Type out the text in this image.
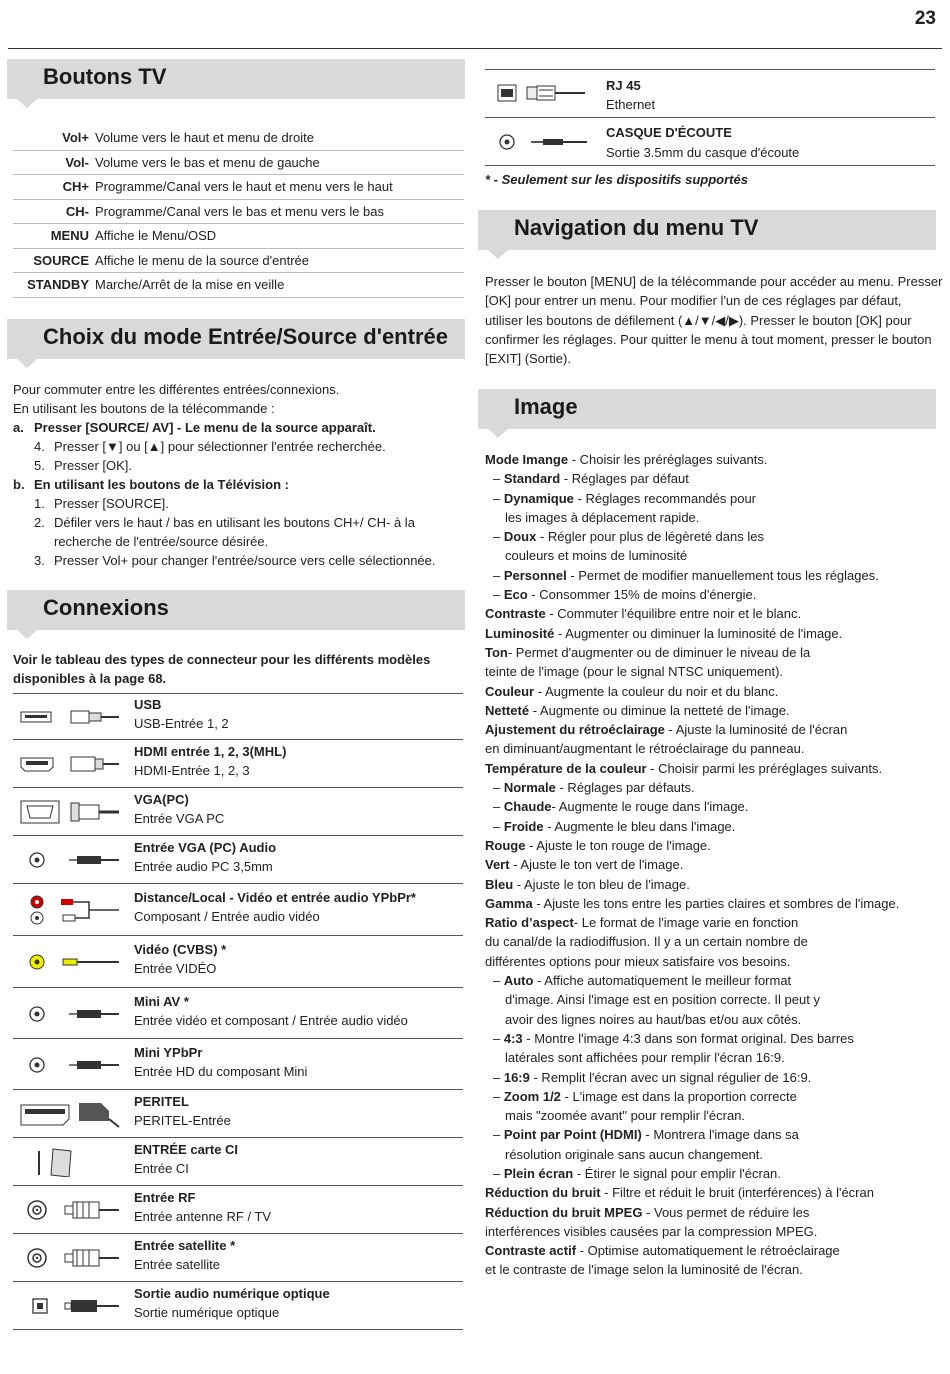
23
Boutons TV
Vol+ Volume vers le haut et menu de droite
Vol- Volume vers le bas et menu de gauche
CH+ Programme/Canal vers le haut et menu vers le haut
CH- Programme/Canal vers le bas et menu vers le bas
MENU Affiche le Menu/OSD
SOURCE Affiche le menu de la source d'entrée
STANDBY Marche/Arrêt de la mise en veille
Choix du mode Entrée/Source d'entrée
Pour commuter entre les différentes entrées/connexions.
En utilisant les boutons de la télécommande :
a. Presser [SOURCE/ AV] - Le menu de la source apparaît.
4. Presser [▼] ou [▲] pour sélectionner l'entrée recherchée.
5. Presser [OK].
b. En utilisant les boutons de la Télévision :
1. Presser [SOURCE].
2. Défiler vers le haut / bas en utilisant les boutons CH+/ CH- à la
recherche de l'entrée/source désirée.
3. Presser Vol+ pour changer l'entrée/source vers celle sélectionnée.
Connexions
Voir le tableau des types de connecteur pour les différents modèles
disponibles à la page 68.
USB
USB-Entrée 1, 2
HDMI entrée 1, 2, 3(MHL)
HDMI-Entrée 1, 2, 3
VGA(PC)
Entrée VGA PC
Entrée VGA (PC) Audio
Entrée audio PC 3,5mm
Distance/Local - Vidéo et entrée audio YPbPr*
Composant / Entrée audio vidéo
Vidéo (CVBS) *
Entrée VIDÉO
Mini AV *
Entrée vidéo et composant / Entrée audio vidéo
Mini YPbPr
Entrée HD du composant Mini
PERITEL
PERITEL-Entrée
ENTRÉE carte CI
Entrée CI
Entrée RF
Entrée antenne RF / TV
Entrée satellite *
Entrée satellite
Sortie audio numérique optique
Sortie numérique optique
RJ 45
Ethernet
CASQUE D'ÉCOUTE
Sortie 3.5mm du casque d'écoute
* - Seulement sur les dispositifs supportés
Navigation du menu TV
Presser le bouton [MENU] de la télécommande pour accéder au menu. Presser
[OK] pour entrer un menu. Pour modifier l'un de ces réglages par défaut,
utiliser les boutons de défilement (▲/▼/◀/▶). Presser le bouton [OK] pour
confirmer les réglages. Pour quitter le menu à tout moment, presser le bouton
[EXIT] (Sortie).
Image
Mode Imange - Choisir les préréglages suivants.
– Standard - Réglages par défaut
– Dynamique - Réglages recommandés pour
les images à déplacement rapide.
– Doux - Régler pour plus de légèreté dans les
couleurs et moins de luminosité
– Personnel - Permet de modifier manuellement tous les réglages.
– Eco - Consommer 15% de moins d'énergie.
Contraste - Commuter l'équilibre entre noir et le blanc.
Luminosité - Augmenter ou diminuer la luminosité de l'image.
Ton- Permet d'augmenter ou de diminuer le niveau de la
teinte de l'image (pour le signal NTSC uniquement).
Couleur - Augmente la couleur du noir et du blanc.
Netteté - Augmente ou diminue la netteté de l'image.
Ajustement du rétroéclairage - Ajuste la luminosité de l'écran
en diminuant/augmentant le rétroéclairage du panneau.
Température de la couleur - Choisir parmi les préréglages suivants.
– Normale - Réglages par défauts.
– Chaude- Augmente le rouge dans l'image.
– Froide - Augmente le bleu dans l'image.
Rouge - Ajuste le ton rouge de l'image.
Vert - Ajuste le ton vert de l'image.
Bleu - Ajuste le ton bleu de l'image.
Gamma - Ajuste les tons entre les parties claires et sombres de l'image.
Ratio d’aspect- Le format de l'image varie en fonction
du canal/de la radiodiffusion. Il y a un certain nombre de
différentes options pour mieux satisfaire vos besoins.
– Auto - Affiche automatiquement le meilleur format
d'image. Ainsi l'image est en position correcte. Il peut y
avoir des lignes noires au haut/bas et/ou aux côtés.
– 4:3 - Montre l'image 4:3 dans son format original. Des barres
latérales sont affichées pour remplir l'écran 16:9.
– 16:9 - Remplit l'écran avec un signal régulier de 16:9.
– Zoom 1/2 - L'image est dans la proportion correcte
mais "zoomée avant" pour remplir l'écran.
– Point par Point (HDMI) - Montrera l'image dans sa
résolution originale sans aucun changement.
– Plein écran - Étirer le signal pour emplir l'écran.
Réduction du bruit - Filtre et réduit le bruit (interférences) à l'écran
Réduction du bruit MPEG - Vous permet de réduire les
interférences visibles causées par la compression MPEG.
Contraste actif - Optimise automatiquement le rétroéclairage
et le contraste de l'image selon la luminosité de l'écran.
